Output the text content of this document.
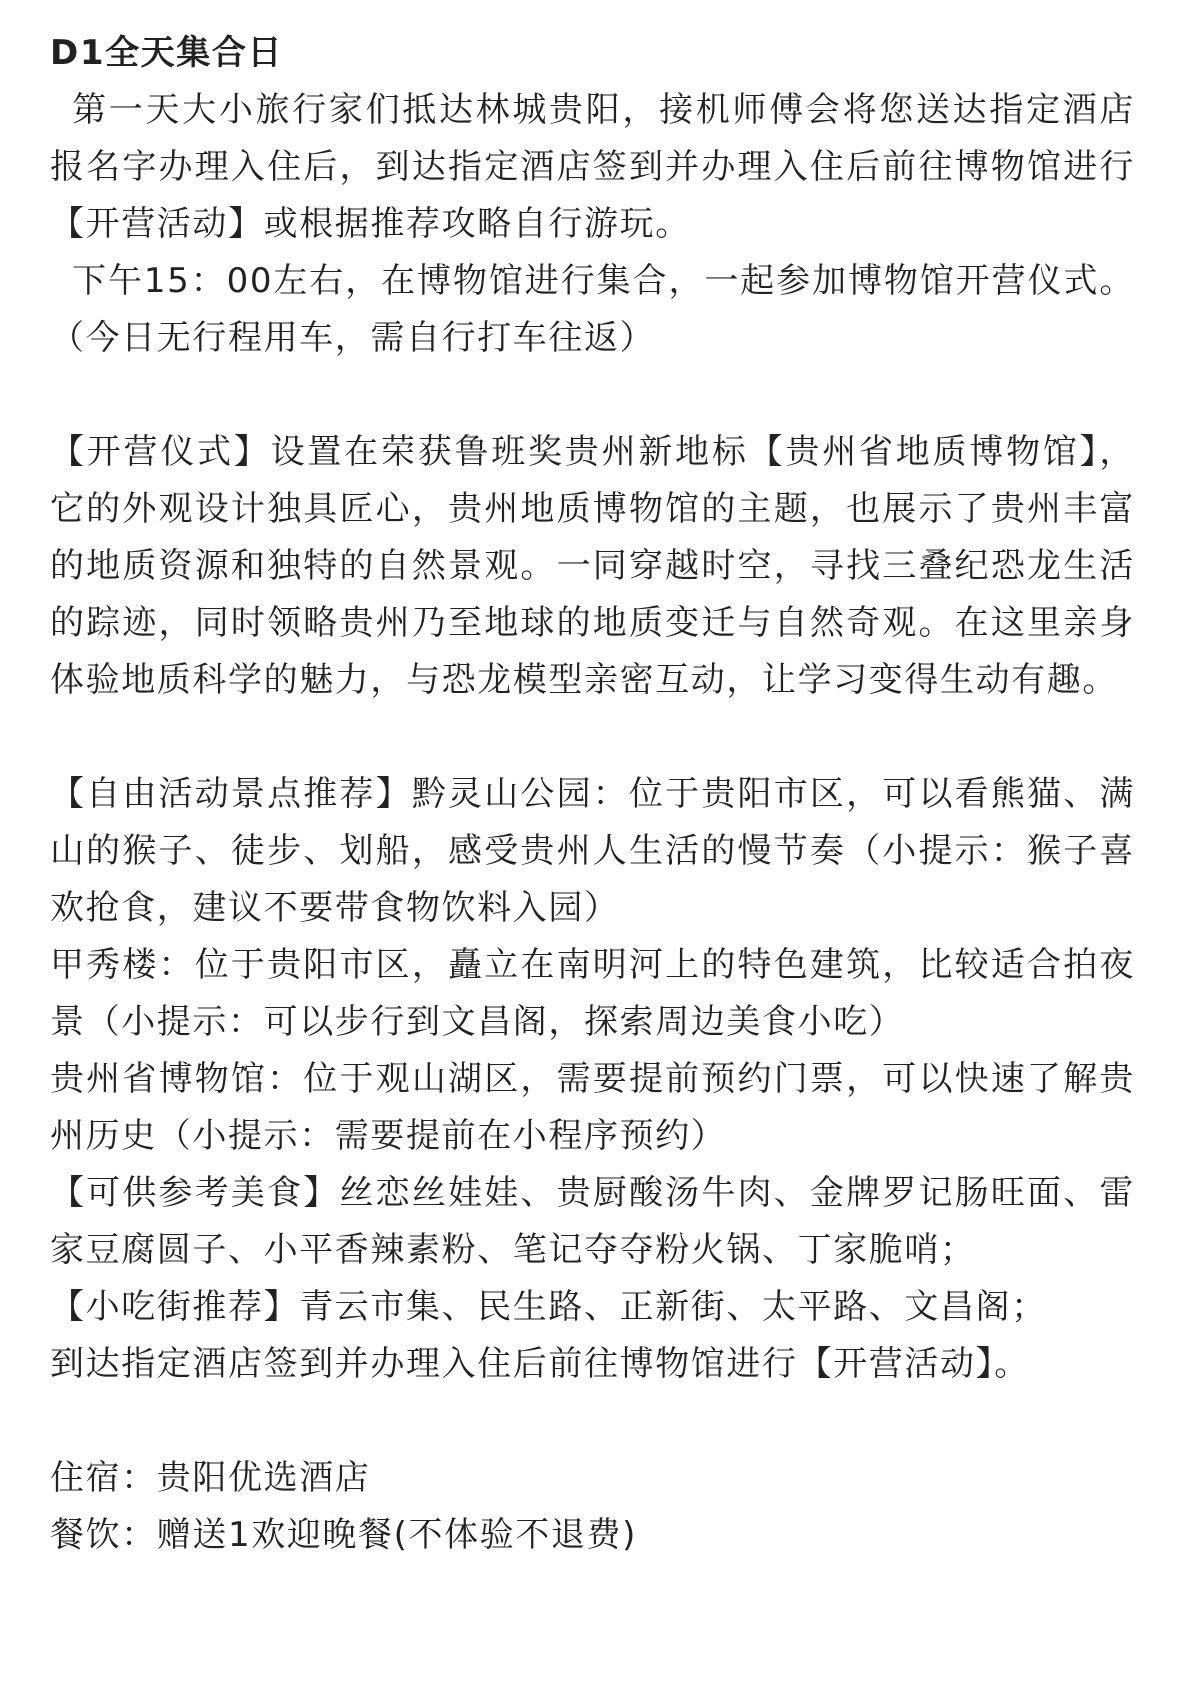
D1全天集合日

第一天大小旅行家们抵达林城贵阳，接机师傅会将您送达指定酒店报名字办理入住后，到达指定酒店签到并办理入住后前往博物馆进行【开营活动】或根据推荐攻略自行游玩。

下午15：00左右，在博物馆进行集合，一起参加博物馆开营仪式。（今日无行程用车，需自行打车往返）

【开营仪式】设置在荣获鲁班奖贵州新地标【贵州省地质博物馆】，它的外观设计独具匠心，贵州地质博物馆的主题，也展示了贵州丰富的地质资源和独特的自然景观。一同穿越时空，寻找三叠纪恐龙生活的踪迹，同时领略贵州乃至地球的地质变迁与自然奇观。在这里亲身体验地质科学的魅力，与恐龙模型亲密互动，让学习变得生动有趣。

【自由活动景点推荐】黔灵山公园：位于贵阳市区，可以看熊猫、满山的猴子、徒步、划船，感受贵州人生活的慢节奏（小提示：猴子喜欢抢食，建议不要带食物饮料入园）

甲秀楼：位于贵阳市区，矗立在南明河上的特色建筑，比较适合拍夜景（小提示：可以步行到文昌阁，探索周边美食小吃）

贵州省博物馆：位于观山湖区，需要提前预约门票，可以快速了解贵州历史（小提示：需要提前在小程序预约）

【可供参考美食】丝恋丝娃娃、贵厨酸汤牛肉、金牌罗记肠旺面、雷家豆腐圆子、小平香辣素粉、笔记夺夺粉火锅、丁家脆哨；

【小吃街推荐】青云市集、民生路、正新街、太平路、文昌阁；

到达指定酒店签到并办理入住后前往博物馆进行【开营活动】。

住宿：贵阳优选酒店

餐饮：赠送1欢迎晚餐(不体验不退费)
